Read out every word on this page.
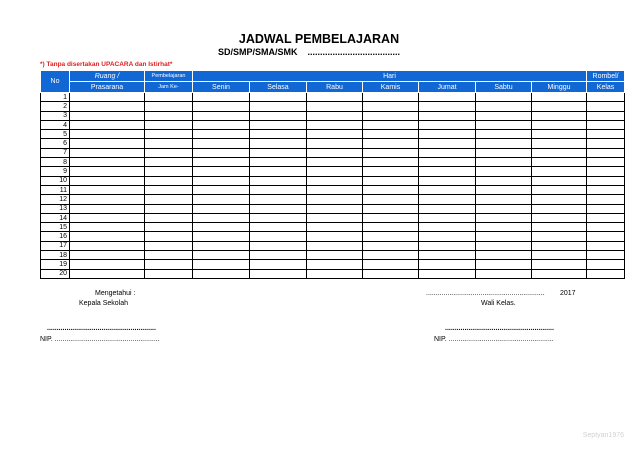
JADWAL PEMBELAJARAN
SD/SMP/SMA/SMK .....................................
*) Tanpa disertakan UPACARA dan Istirhat*
No	Ruang /	Pembelajaran	Hari							Rombel/
	Prasarana	Jam Ke-	Senin	Selasa	Rabu	Kamis	Jumat	Sabtu	Minggu	Kelas
1										
2										
3										
4										
5										
6										
7										
8										
9										
10										
11										
12										
13										
14										
15										
16										
17										
18										
19										
20										
Mengetahui :
Kepala Sekolah
............................................................. 2017
Wali Kelas.
........................................................
NIP. ......................................................
........................................................
NIP. ......................................................
Septyan1976
